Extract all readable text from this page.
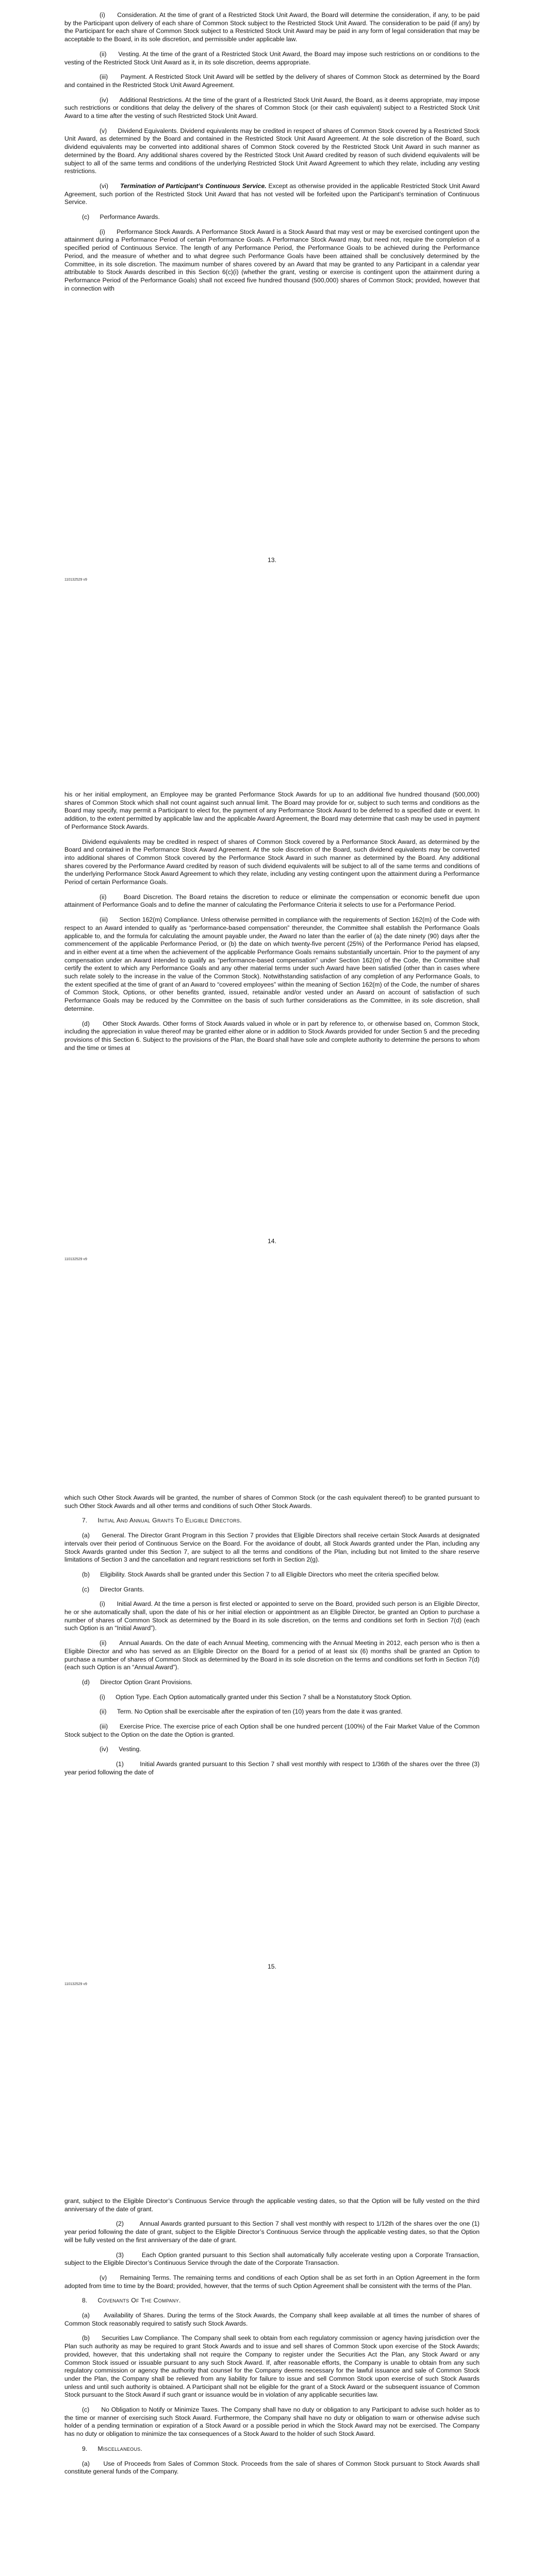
(i) Consideration. At the time of grant of a Restricted Stock Unit Award, the Board will determine the consideration, if any, to be paid by the Participant upon delivery of each share of Common Stock subject to the Restricted Stock Unit Award. The consideration to be paid (if any) by the Participant for each share of Common Stock subject to a Restricted Stock Unit Award may be paid in any form of legal consideration that may be acceptable to the Board, in its sole discretion, and permissible under applicable law.

(ii) Vesting. At the time of the grant of a Restricted Stock Unit Award, the Board may impose such restrictions on or conditions to the vesting of the Restricted Stock Unit Award as it, in its sole discretion, deems appropriate.

(iii) Payment. A Restricted Stock Unit Award will be settled by the delivery of shares of Common Stock as determined by the Board and contained in the Restricted Stock Unit Award Agreement.

(iv) Additional Restrictions. At the time of the grant of a Restricted Stock Unit Award, the Board, as it deems appropriate, may impose such restrictions or conditions that delay the delivery of the shares of Common Stock (or their cash equivalent) subject to a Restricted Stock Unit Award to a time after the vesting of such Restricted Stock Unit Award.

(v) Dividend Equivalents. Dividend equivalents may be credited in respect of shares of Common Stock covered by a Restricted Stock Unit Award, as determined by the Board and contained in the Restricted Stock Unit Award Agreement. At the sole discretion of the Board, such dividend equivalents may be converted into additional shares of Common Stock covered by the Restricted Stock Unit Award in such manner as determined by the Board. Any additional shares covered by the Restricted Stock Unit Award credited by reason of such dividend equivalents will be subject to all of the same terms and conditions of the underlying Restricted Stock Unit Award Agreement to which they relate, including any vesting restrictions.

(vi) Termination of Participant’s Continuous Service. Except as otherwise provided in the applicable Restricted Stock Unit Award Agreement, such portion of the Restricted Stock Unit Award that has not vested will be forfeited upon the Participant’s termination of Continuous Service.

(c) Performance Awards.

(i) Performance Stock Awards. A Performance Stock Award is a Stock Award that may vest or may be exercised contingent upon the attainment during a Performance Period of certain Performance Goals. A Performance Stock Award may, but need not, require the completion of a specified period of Continuous Service. The length of any Performance Period, the Performance Goals to be achieved during the Performance Period, and the measure of whether and to what degree such Performance Goals have been attained shall be conclusively determined by the Committee, in its sole discretion. The maximum number of shares covered by an Award that may be granted to any Participant in a calendar year attributable to Stock Awards described in this Section 6(c)(i) (whether the grant, vesting or exercise is contingent upon the attainment during a Performance Period of the Performance Goals) shall not exceed five hundred thousand (500,000) shares of Common Stock; provided, however that in connection with

13.
110132529 v9

his or her initial employment, an Employee may be granted Performance Stock Awards for up to an additional five hundred thousand (500,000) shares of Common Stock which shall not count against such annual limit. The Board may provide for or, subject to such terms and conditions as the Board may specify, may permit a Participant to elect for, the payment of any Performance Stock Award to be deferred to a specified date or event. In addition, to the extent permitted by applicable law and the applicable Award Agreement, the Board may determine that cash may be used in payment of Performance Stock Awards.

Dividend equivalents may be credited in respect of shares of Common Stock covered by a Performance Stock Award, as determined by the Board and contained in the Performance Stock Award Agreement. At the sole discretion of the Board, such dividend equivalents may be converted into additional shares of Common Stock covered by the Performance Stock Award in such manner as determined by the Board. Any additional shares covered by the Performance Award credited by reason of such dividend equivalents will be subject to all of the same terms and conditions of the underlying Performance Stock Award Agreement to which they relate, including any vesting contingent upon the attainment during a Performance Period of certain Performance Goals.

(ii)	Board Discretion. The Board retains the discretion to reduce or eliminate the compensation or economic benefit due upon attainment of Performance Goals and to define the manner of calculating the Performance Criteria it selects to use for a Performance Period.

(iii) Section 162(m) Compliance. Unless otherwise permitted in compliance with the requirements of Section 162(m) of the Code with respect to an Award intended to qualify as “performance-based compensation” thereunder, the Committee shall establish the Performance Goals applicable to, and the formula for calculating the amount payable under, the Award no later than the earlier of (a) the date ninety (90) days after the commencement of the applicable Performance Period, or (b) the date on which twenty-five percent (25%) of the Performance Period has elapsed, and in either event at a time when the achievement of the applicable Performance Goals remains substantially uncertain. Prior to the payment of any compensation under an Award intended to qualify as “performance-based compensation” under Section 162(m) of the Code, the Committee shall certify the extent to which any Performance Goals and any other material terms under such Award have been satisfied (other than in cases where such relate solely to the increase in the value of the Common Stock). Notwithstanding satisfaction of any completion of any Performance Goals, to the extent specified at the time of grant of an Award to “covered employees” within the meaning of Section 162(m) of the Code, the number of shares of Common Stock, Options, or other benefits granted, issued, retainable and/or vested under an Award on account of satisfaction of such Performance Goals may be reduced by the Committee on the basis of such further considerations as the Committee, in its sole discretion, shall determine.

(d) Other Stock Awards. Other forms of Stock Awards valued in whole or in part by reference to, or otherwise based on, Common Stock, including the appreciation in value thereof may be granted either alone or in addition to Stock Awards provided for under Section 5 and the preceding provisions of this Section 6. Subject to the provisions of the Plan, the Board shall have sole and complete authority to determine the persons to whom and the time or times at

14.
110132529 v9

which such Other Stock Awards will be granted, the number of shares of Common Stock (or the cash equivalent thereof) to be granted pursuant to such Other Stock Awards and all other terms and conditions of such Other Stock Awards.

7. Initial And Annual Grants To Eligible Directors.

(a) General. The Director Grant Program in this Section 7 provides that Eligible Directors shall receive certain Stock Awards at designated intervals over their period of Continuous Service on the Board. For the avoidance of doubt, all Stock Awards granted under the Plan, including any Stock Awards granted under this Section 7, are subject to all the terms and conditions of the Plan, including but not limited to the share reserve limitations of Section 3 and the cancellation and regrant restrictions set forth in Section 2(g).

(b) Eligibility. Stock Awards shall be granted under this Section 7 to all Eligible Directors who meet the criteria specified below.

(c) Director Grants.

(i) Initial Award. At the time a person is first elected or appointed to serve on the Board, provided such person is an Eligible Director, he or she automatically shall, upon the date of his or her initial election or appointment as an Eligible Director, be granted an Option to purchase a number of shares of Common Stock as determined by the Board in its sole discretion, on the terms and conditions set forth in Section 7(d) (each such Option is an “Initial Award”).

(ii) Annual Awards. On the date of each Annual Meeting, commencing with the Annual Meeting in 2012, each person who is then a Eligible Director and who has served as an Eligible Director on the Board for a period of at least six (6) months shall be granted an Option to purchase a number of shares of Common Stock as determined by the Board in its sole discretion on the terms and conditions set forth in Section 7(d) (each such Option is an “Annual Award”).

(d) Director Option Grant Provisions.

(i) Option Type. Each Option automatically granted under this Section 7 shall be a Nonstatutory Stock Option.

(ii) Term. No Option shall be exercisable after the expiration of ten (10) years from the date it was granted.

(iii) Exercise Price. The exercise price of each Option shall be one hundred percent (100%) of the Fair Market Value of the Common Stock subject to the Option on the date the Option is granted.

(iv) Vesting.

(1)	Initial Awards granted pursuant to this Section 7 shall vest monthly with respect to 1/36th of the shares over the three (3) year period following the date of

15.
110132529 v9

grant, subject to the Eligible Director’s Continuous Service through the applicable vesting dates, so that the Option will be fully vested on the third anniversary of the date of grant.

(2)	Annual Awards granted pursuant to this Section 7 shall vest monthly with respect to 1/12th of the shares over the one (1) year period following the date of grant, subject to the Eligible Director’s Continuous Service through the applicable vesting dates, so that the Option will be fully vested on the first anniversary of the date of grant.

(3)	Each Option granted pursuant to this Section shall automatically fully accelerate vesting upon a Corporate Transaction, subject to the Eligible Director’s Continuous Service through the date of the Corporate Transaction.

(v) Remaining Terms. The remaining terms and conditions of each Option shall be as set forth in an Option Agreement in the form adopted from time to time by the Board; provided, however, that the terms of such Option Agreement shall be consistent with the terms of the Plan.

8. Covenants Of The Company.

(a) Availability of Shares. During the terms of the Stock Awards, the Company shall keep available at all times the number of shares of Common Stock reasonably required to satisfy such Stock Awards.

(b) Securities Law Compliance. The Company shall seek to obtain from each regulatory commission or agency having jurisdiction over the Plan such authority as may be required to grant Stock Awards and to issue and sell shares of Common Stock upon exercise of the Stock Awards; provided, however, that this undertaking shall not require the Company to register under the Securities Act the Plan, any Stock Award or any Common Stock issued or issuable pursuant to any such Stock Award. If, after reasonable efforts, the Company is unable to obtain from any such regulatory commission or agency the authority that counsel for the Company deems necessary for the lawful issuance and sale of Common Stock under the Plan, the Company shall be relieved from any liability for failure to issue and sell Common Stock upon exercise of such Stock Awards unless and until such authority is obtained. A Participant shall not be eligible for the grant of a Stock Award or the subsequent issuance of Common Stock pursuant to the Stock Award if such grant or issuance would be in violation of any applicable securities law.

(c) No Obligation to Notify or Minimize Taxes. The Company shall have no duty or obligation to any Participant to advise such holder as to the time or manner of exercising such Stock Award. Furthermore, the Company shall have no duty or obligation to warn or otherwise advise such holder of a pending termination or expiration of a Stock Award or a possible period in which the Stock Award may not be exercised. The Company has no duty or obligation to minimize the tax consequences of a Stock Award to the holder of such Stock Award.

9. Miscellaneous.

(a) Use of Proceeds from Sales of Common Stock. Proceeds from the sale of shares of Common Stock pursuant to Stock Awards shall constitute general funds of the Company.
